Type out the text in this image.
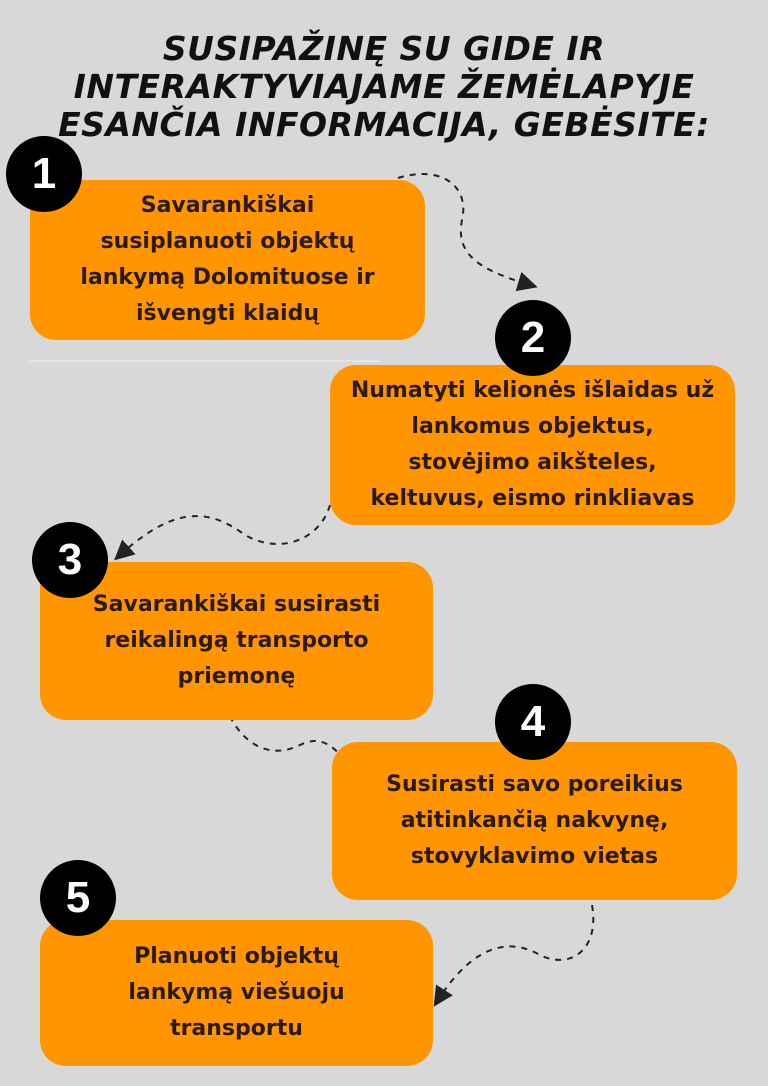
SUSIPAŽINĘ SU GIDE IR
INTERAKTYVIAJAME ŽEMĖLAPYJE
ESANČIA INFORMACIJA, GEBĖSITE:

Savarankiškai susiplanuoti objektų lankymą Dolomituose ir išvengti klaidų

1

Numatyti kelionės išlaidas už lankomus objektus, stovėjimo aikšteles, keltuvus, eismo rinkliavas

2

Savarankiškai susirasti reikalingą transporto priemonę

3

Susirasti savo poreikius atitinkančią nakvynę, stovyklavimo vietas

4

Planuoti objektų lankymą viešuoju transportu

5
